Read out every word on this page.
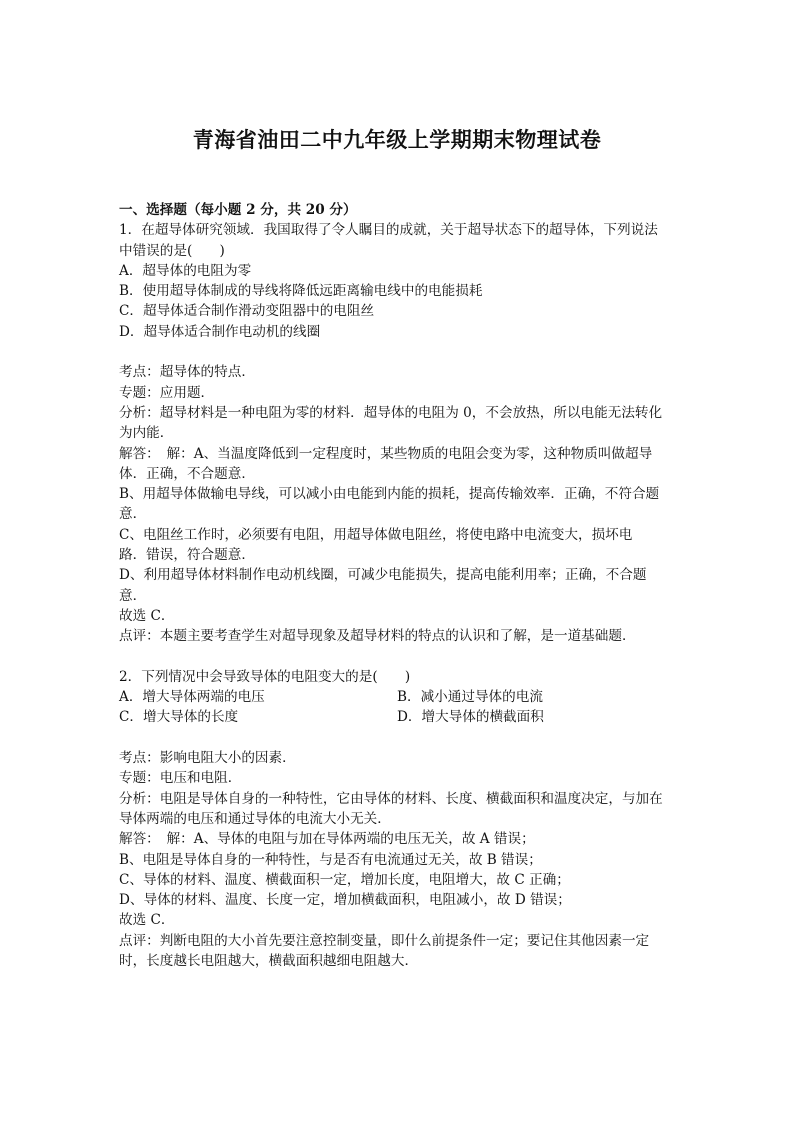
青海省油田二中九年级上学期期末物理试卷
一、选择题（每小题 2 分，共 20 分）
1．在超导体研究领域．我国取得了令人瞩目的成就，关于超导状态下的超导体，下列说法
中错误的是(　　)
A．超导体的电阻为零
B．使用超导体制成的导线将降低远距离输电线中的电能损耗
C．超导体适合制作滑动变阻器中的电阻丝
D．超导体适合制作电动机的线圈
考点：超导体的特点．
专题：应用题．
分析：超导材料是一种电阻为零的材料．超导体的电阻为 0，不会放热，所以电能无法转化
为内能．
解答：　解：A、当温度降低到一定程度时，某些物质的电阻会变为零，这种物质叫做超导
体．正确，不合题意．
B、用超导体做输电导线，可以减小由电能到内能的损耗，提高传输效率．正确，不符合题
意．
C、电阻丝工作时，必须要有电阻，用超导体做电阻丝，将使电路中电流变大，损坏电
路．错误，符合题意．
D、利用超导体材料制作电动机线圈，可减少电能损失，提高电能利用率；正确，不合题
意．
故选 C．
点评：本题主要考查学生对超导现象及超导材料的特点的认识和了解，是一道基础题．
2．下列情况中会导致导体的电阻变大的是(　　)
A．增大导体两端的电压	B．减小通过导体的电流
C．增大导体的长度	D．增大导体的横截面积
考点：影响电阻大小的因素．
专题：电压和电阻．
分析：电阻是导体自身的一种特性，它由导体的材料、长度、横截面积和温度决定，与加在
导体两端的电压和通过导体的电流大小无关．
解答：　解：A、导体的电阻与加在导体两端的电压无关，故 A 错误；
B、电阻是导体自身的一种特性，与是否有电流通过无关，故 B 错误；
C、导体的材料、温度、横截面积一定，增加长度，电阻增大，故 C 正确；
D、导体的材料、温度、长度一定，增加横截面积，电阻减小，故 D 错误；
故选 C．
点评：判断电阻的大小首先要注意控制变量，即什么前提条件一定；要记住其他因素一定
时，长度越长电阻越大，横截面积越细电阻越大．
